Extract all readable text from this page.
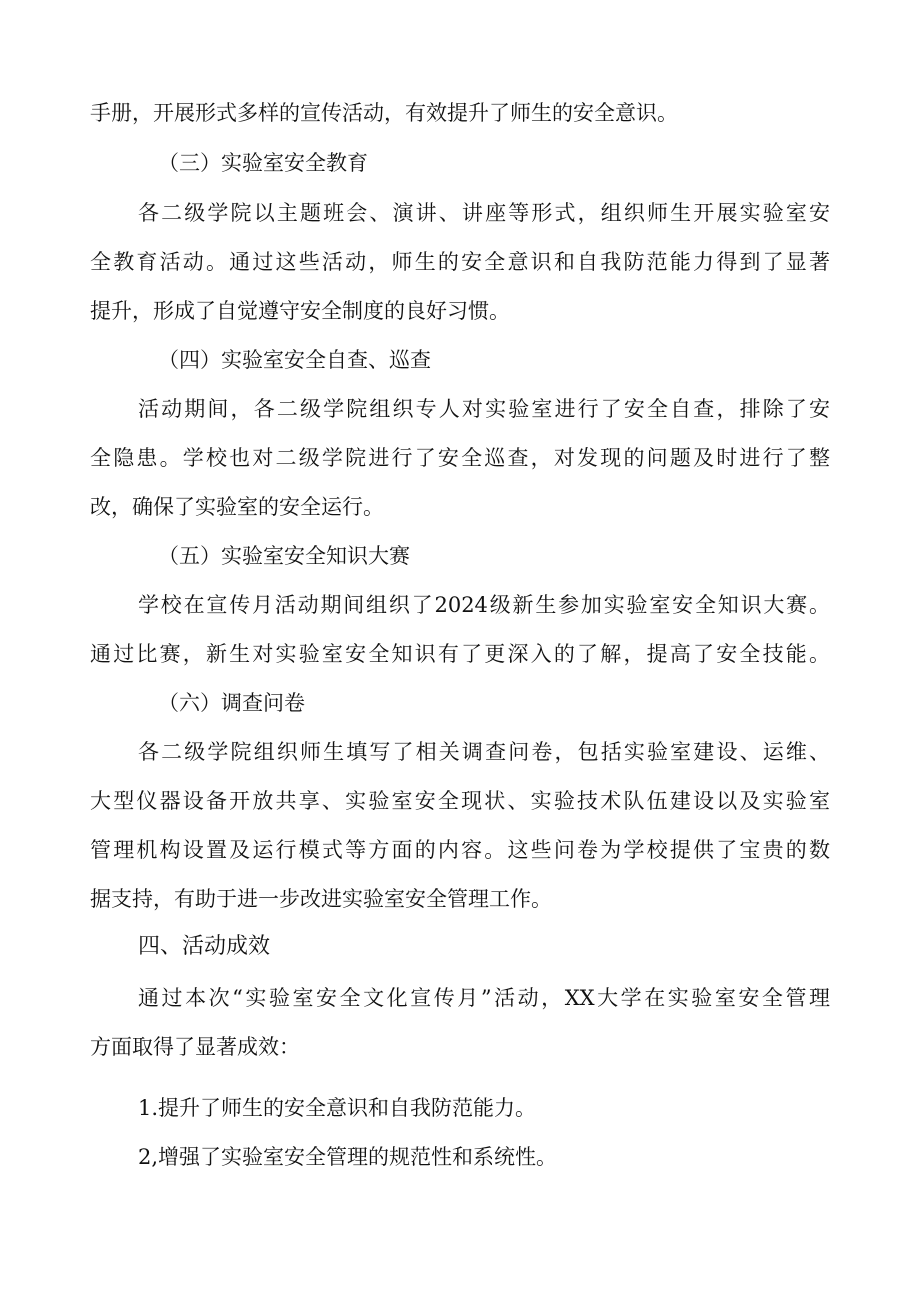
手册，开展形式多样的宣传活动，有效提升了师生的安全意识。
（三）实验室安全教育
各二级学院以主题班会、演讲、讲座等形式，组织师生开展实验室安
全教育活动。通过这些活动，师生的安全意识和自我防范能力得到了显著
提升，形成了自觉遵守安全制度的良好习惯。
（四）实验室安全自查、巡查
活动期间，各二级学院组织专人对实验室进行了安全自查，排除了安
全隐患。学校也对二级学院进行了安全巡查，对发现的问题及时进行了整
改，确保了实验室的安全运行。
（五）实验室安全知识大赛
学校在宣传月活动期间组织了2024级新生参加实验室安全知识大赛。
通过比赛，新生对实验室安全知识有了更深入的了解，提高了安全技能。
（六）调查问卷
各二级学院组织师生填写了相关调查问卷，包括实验室建设、运维、
大型仪器设备开放共享、实验室安全现状、实验技术队伍建设以及实验室
管理机构设置及运行模式等方面的内容。这些问卷为学校提供了宝贵的数
据支持，有助于进一步改进实验室安全管理工作。
四、活动成效
通过本次“实验室安全文化宣传月”活动，XX大学在实验室安全管理
方面取得了显著成效：
1.提升了师生的安全意识和自我防范能力。
2,增强了实验室安全管理的规范性和系统性。
